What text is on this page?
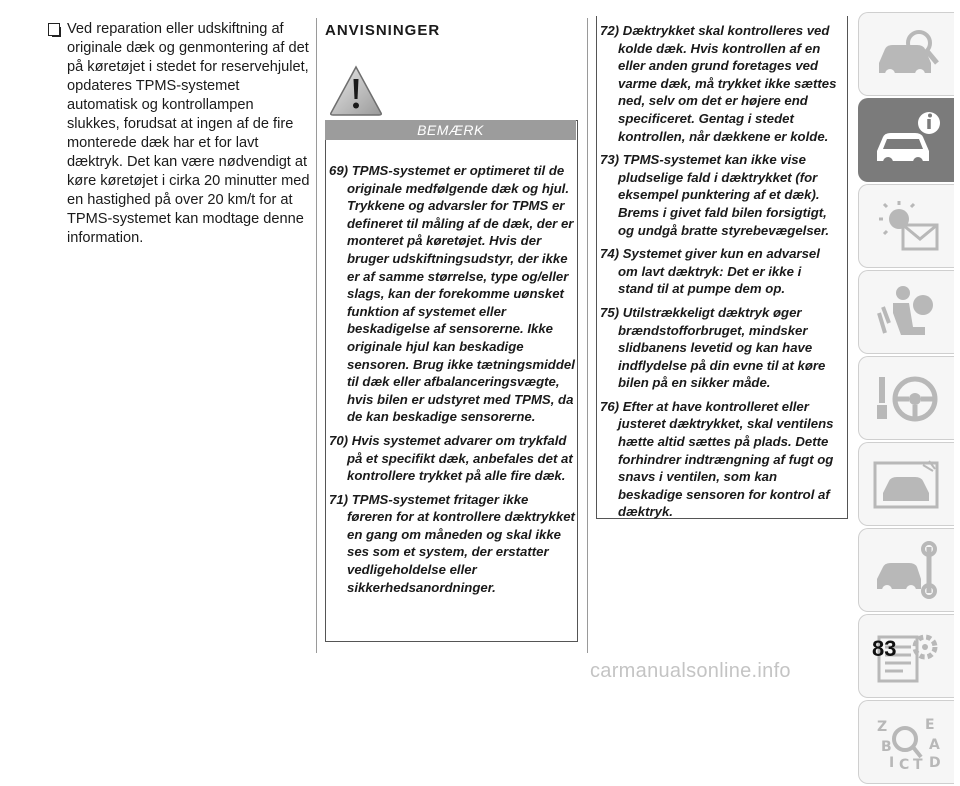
Ved reparation eller udskiftning af originale dæk og genmontering af det på køretøjet i stedet for reservehjulet, opdateres TPMS-systemet automatisk og kontrollampen slukkes, forudsat at ingen af de fire monterede dæk har et for lavt dæktryk. Det kan være nødvendigt at køre køretøjet i cirka 20 minutter med en hastighed på over 20 km/t for at TPMS-systemet kan modtage denne information.
ANVISNINGER
BEMÆRK
69) TPMS-systemet er optimeret til de originale medfølgende dæk og hjul. Trykkene og advarsler for TPMS er defineret til måling af de dæk, der er monteret på køretøjet. Hvis der bruger udskiftningsudstyr, der ikke er af samme størrelse, type og/eller slags, kan der forekomme uønsket funktion af systemet eller beskadigelse af sensorerne. Ikke originale hjul kan beskadige sensoren. Brug ikke tætningsmiddel til dæk eller afbalanceringsvægte, hvis bilen er udstyret med TPMS, da de kan beskadige sensorerne.
70) Hvis systemet advarer om trykfald på et specifikt dæk, anbefales det at kontrollere trykket på alle fire dæk.
71) TPMS-systemet fritager ikke føreren for at kontrollere dæktrykket en gang om måneden og skal ikke ses som et system, der erstatter vedligeholdelse eller sikkerhedsanordninger.
72) Dæktrykket skal kontrolleres ved kolde dæk. Hvis kontrollen af en eller anden grund foretages ved varme dæk, må trykket ikke sættes ned, selv om det er højere end specificeret. Gentag i stedet kontrollen, når dækkene er kolde.
73) TPMS-systemet kan ikke vise pludselige fald i dæktrykket (for eksempel punktering af et dæk). Brems i givet fald bilen forsigtigt, og undgå bratte styrebevægelser.
74) Systemet giver kun en advarsel om lavt dæktryk: Det er ikke i stand til at pumpe dem op.
75) Utilstrækkeligt dæktryk øger brændstofforbruget, mindsker slidbanens levetid og kan have indflydelse på din evne til at køre bilen på en sikker måde.
76) Efter at have kontrolleret eller justeret dæktrykket, skal ventilens hætte altid sættes på plads. Dette forhindrer indtrængning af fugt og snavs i ventilen, som kan beskadige sensoren for kontrol af dæktryk.
Z	E
B	A
I C T D
83
carmanualsonline.info
